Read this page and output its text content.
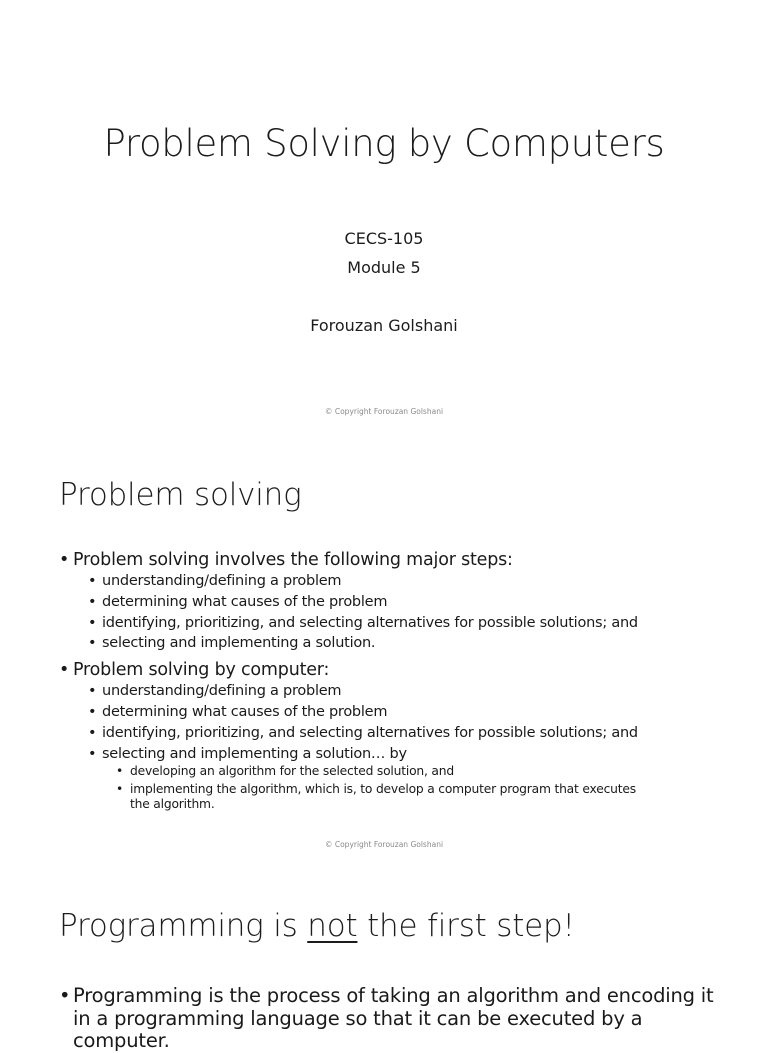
Problem Solving by Computers
CECS-105
Module 5
Forouzan Golshani
© Copyright Forouzan Golshani
Problem solving
• Problem solving involves the following major steps:
• understanding/defining a problem
• determining what causes of the problem
• identifying, prioritizing, and selecting alternatives for possible solutions; and
• selecting and implementing a solution.
• Problem solving by computer:
• understanding/defining a problem
• determining what causes of the problem
• identifying, prioritizing, and selecting alternatives for possible solutions; and
• selecting and implementing a solution… by
• developing an algorithm for the selected solution, and
• implementing the algorithm, which is, to develop a computer program that executes the algorithm.
© Copyright Forouzan Golshani
Programming is not the first step!
• Programming is the process of taking an algorithm and encoding it in a programming language so that it can be executed by a computer.
